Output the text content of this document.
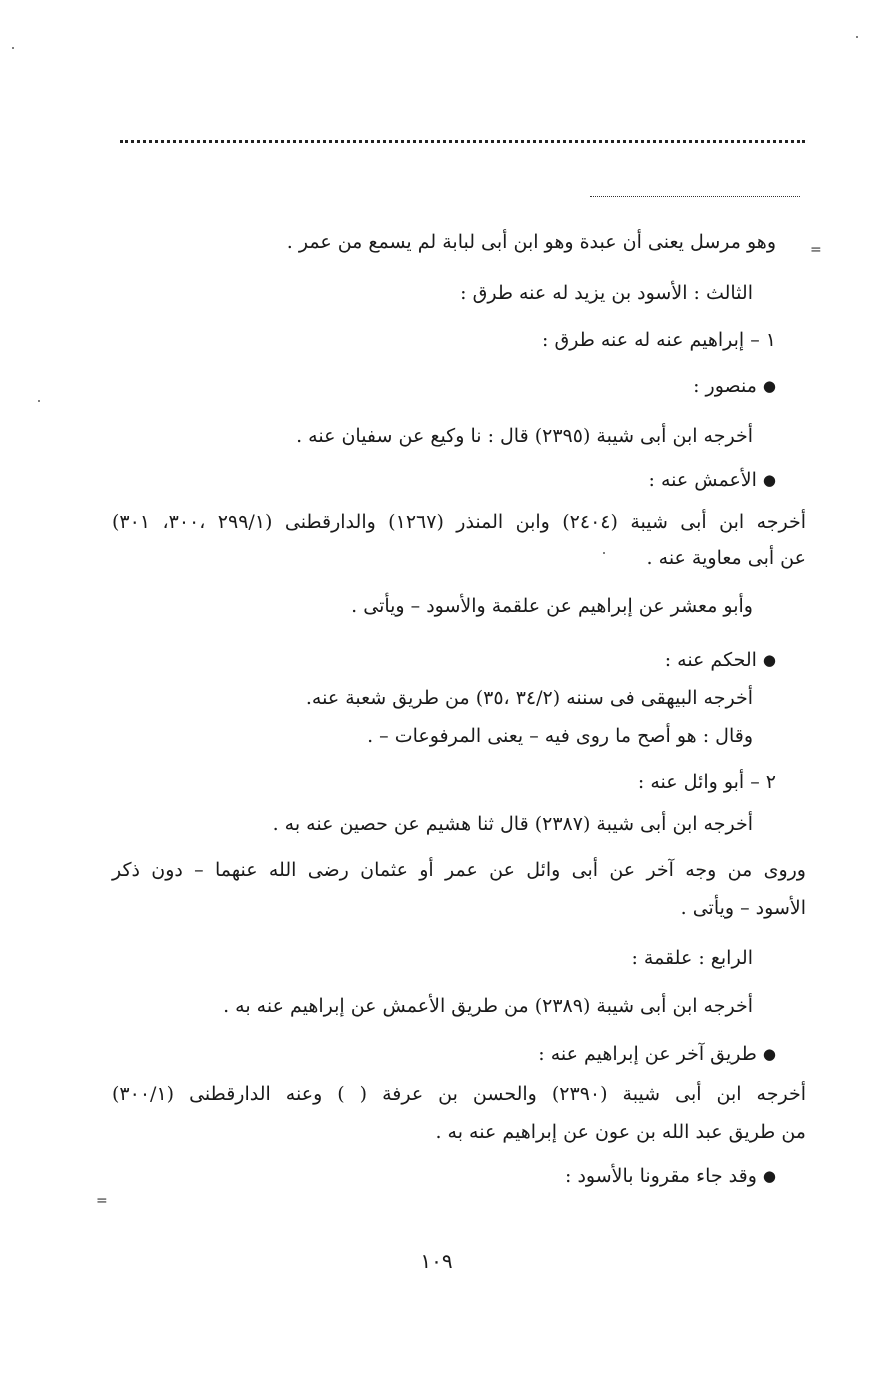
=
وهو مرسل يعنى أن عبدة وهو ابن أبى لبابة لم يسمع من عمر .
الثالث : الأسود بن يزيد له عنه طرق :
١ – إبراهيم عنه له عنه طرق :
● منصور :
أخرجه ابن أبى شيبة (٢٣٩٥) قال : نا وكيع عن سفيان عنه .
● الأعمش عنه :
أخرجه ابن أبى شيبة (٢٤٠٤) وابن المنذر (١٢٦٧) والدارقطنى (٢٩٩/١ ،٣٠٠، ٣٠١)
عن أبى معاوية عنه .
وأبو معشر عن إبراهيم عن علقمة والأسود – ويأتى .
● الحكم عنه :
أخرجه البيهقى فى سننه (٣٤/٢ ،٣٥) من طريق شعبة عنه.
وقال : هو أصح ما روى فيه – يعنى المرفوعات – .
٢ – أبو وائل عنه :
أخرجه ابن أبى شيبة (٢٣٨٧) قال ثنا هشيم عن حصين عنه به .
وروى من وجه آخر عن أبى وائل عن عمر أو عثمان رضى الله عنهما – دون ذكر
الأسود – ويأتى .
الرابع : علقمة :
أخرجه ابن أبى شيبة (٢٣٨٩) من طريق الأعمش عن إبراهيم عنه به .
● طريق آخر عن إبراهيم عنه :
أخرجه ابن أبى شيبة (٢٣٩٠) والحسن بن عرفة ( ) وعنه الدارقطنى (٣٠٠/١)
من طريق عبد الله بن عون عن إبراهيم عنه به .
● وقد جاء مقرونا بالأسود :
=
١٠٩
